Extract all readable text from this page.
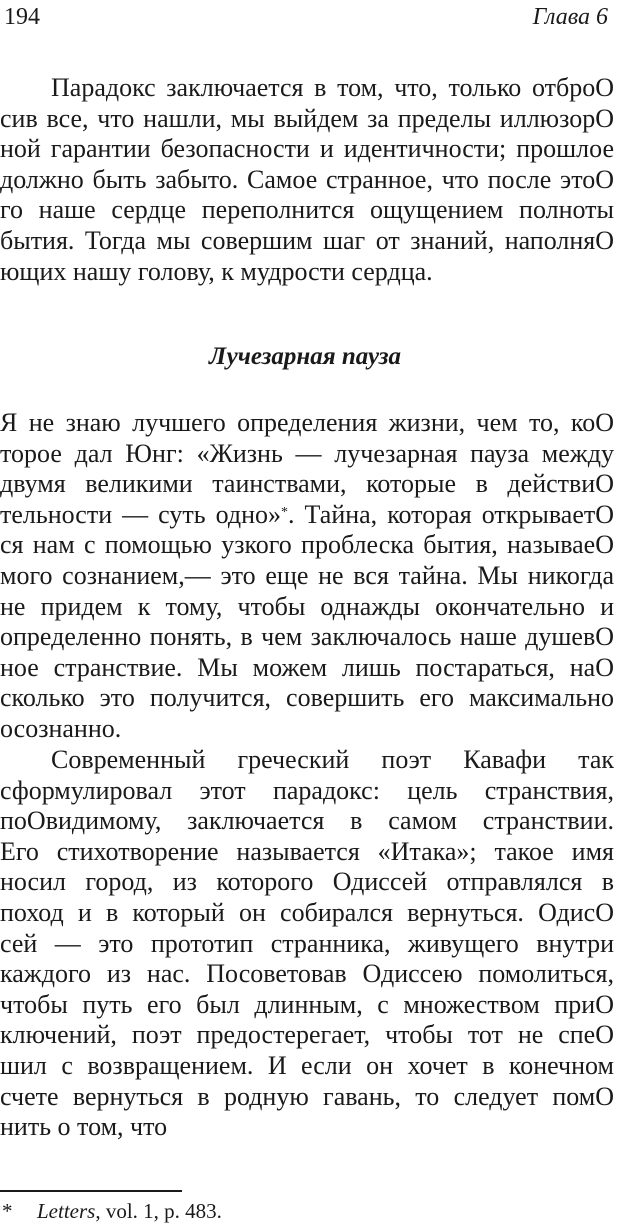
194	Глава 6
Парадокс заключается в том, что, только отброО
сив все, что нашли, мы выйдем за пределы иллюзорО
ной гарантии безопасности и идентичности; прошлое
должно быть забыто. Самое странное, что после этоО
го наше сердце переполнится ощущением полноты
бытия. Тогда мы совершим шаг от знаний, наполняО
ющих нашу голову, к мудрости сердца.
Лучезарная пауза
Я не знаю лучшего определения жизни, чем то, коО
торое дал Юнг: «Жизнь — лучезарная пауза между
двумя великими таинствами, которые в действиО
тельности — суть одно»*. Тайна, которая открываетО
ся нам с помощью узкого проблеска бытия, называеО
мого сознанием,— это еще не вся тайна. Мы никогда
не придем к тому, чтобы однажды окончательно и
определенно понять, в чем заключалось наше душевО
ное странствие. Мы можем лишь постараться, наО
сколько это получится, совершить его максимально
осознанно.
Современный греческий поэт Кавафи так
сформулировал этот парадокс: цель странствия,
поОвидимому, заключается в самом странствии.
Его стихотворение называется «Итака»; такое имя
носил город, из которого Одиссей отправлялся в
поход и в который он собирался вернуться. ОдисО
сей — это прототип странника, живущего внутри
каждого из нас. Посоветовав Одиссею помолиться,
чтобы путь его был длинным, с множеством приО
ключений, поэт предостерегает, чтобы тот не спеО
шил с возвращением. И если он хочет в конечном
счете вернуться в родную гавань, то следует помО
нить о том, что
* Letters, vol. 1, p. 483.
